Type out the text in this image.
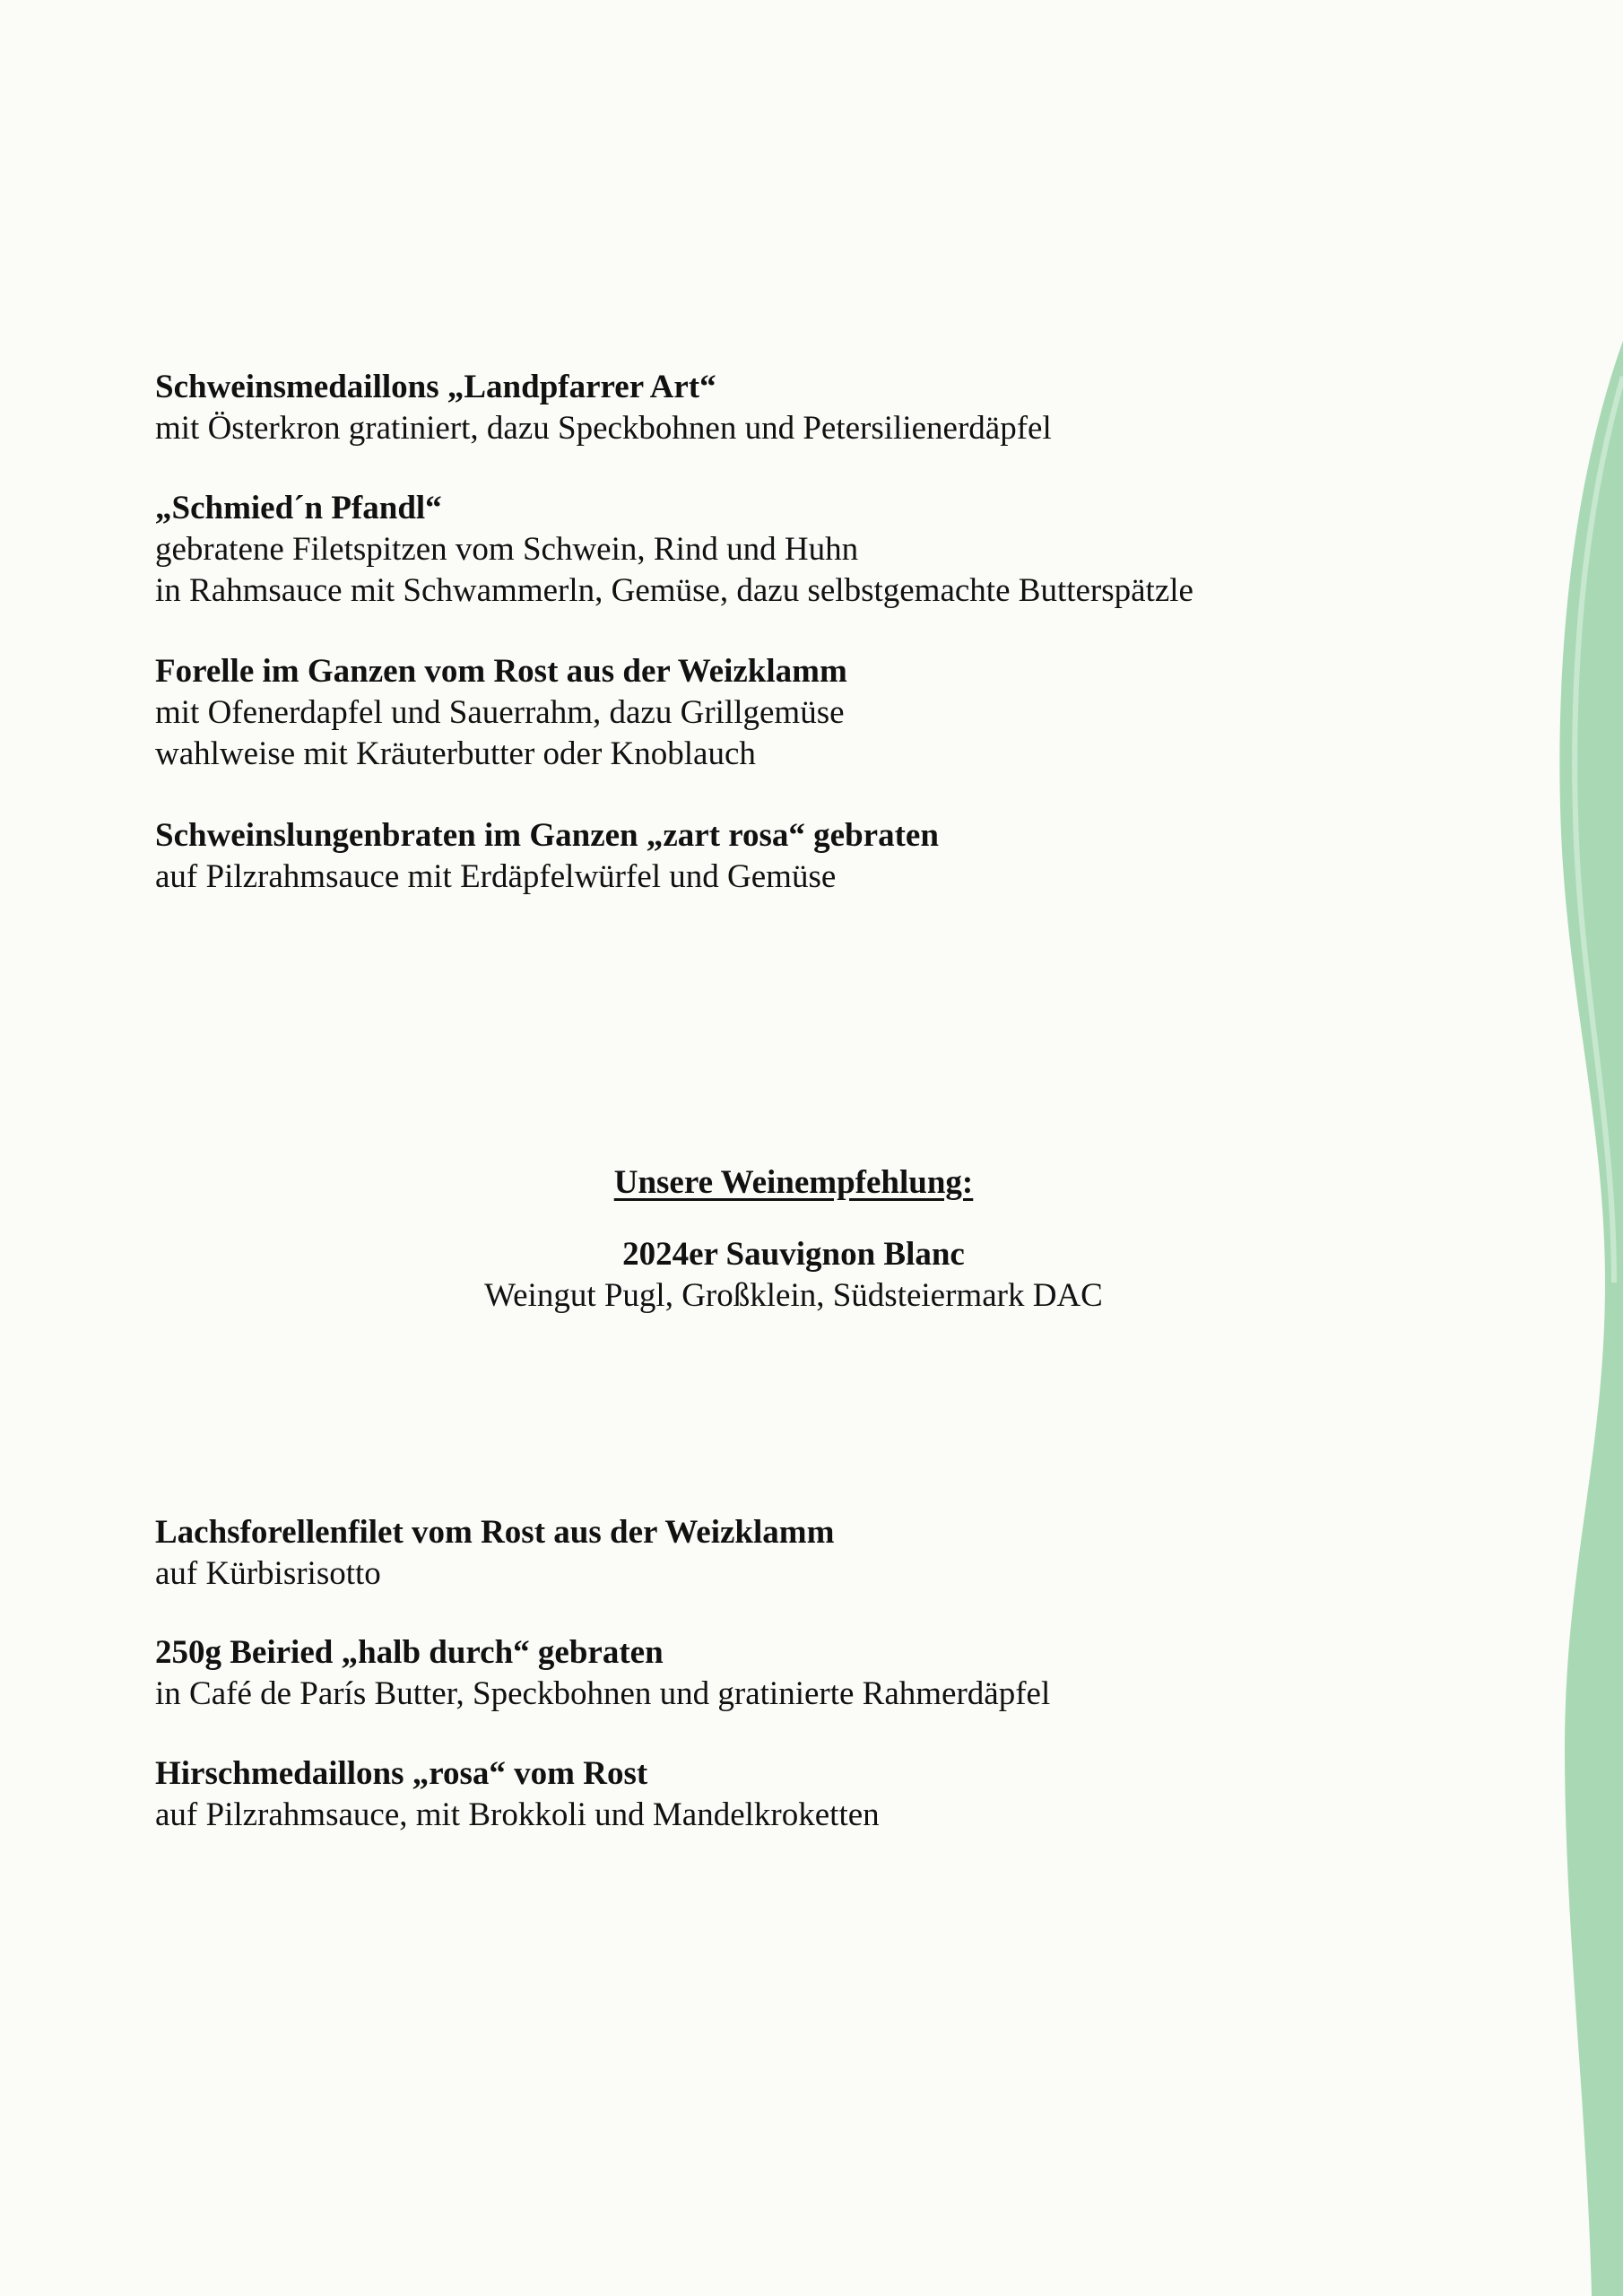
Schweinsmedaillons „Landpfarrer Art“
mit Österkron gratiniert, dazu Speckbohnen und Petersilienerdäpfel
„Schmied´n Pfandl“
gebratene Filetspitzen vom Schwein, Rind und Huhn
in Rahmsauce mit Schwammerln, Gemüse, dazu selbstgemachte Butterspätzle
Forelle im Ganzen vom Rost aus der Weizklamm
mit Ofenerdapfel und Sauerrahm, dazu Grillgemüse
wahlweise mit Kräuterbutter oder Knoblauch
Schweinslungenbraten im Ganzen „zart rosa“ gebraten
auf Pilzrahmsauce mit Erdäpfelwürfel und Gemüse
Unsere Weinempfehlung:
2024er Sauvignon Blanc
Weingut Pugl, Großklein, Südsteiermark DAC
Lachsforellenfilet vom Rost aus der Weizklamm
auf Kürbisrisotto
250g Beiried „halb durch“ gebraten
in Café de París Butter, Speckbohnen und gratinierte Rahmerdäpfel
Hirschmedaillons „rosa“ vom Rost
auf Pilzrahmsauce, mit Brokkoli und Mandelkroketten
